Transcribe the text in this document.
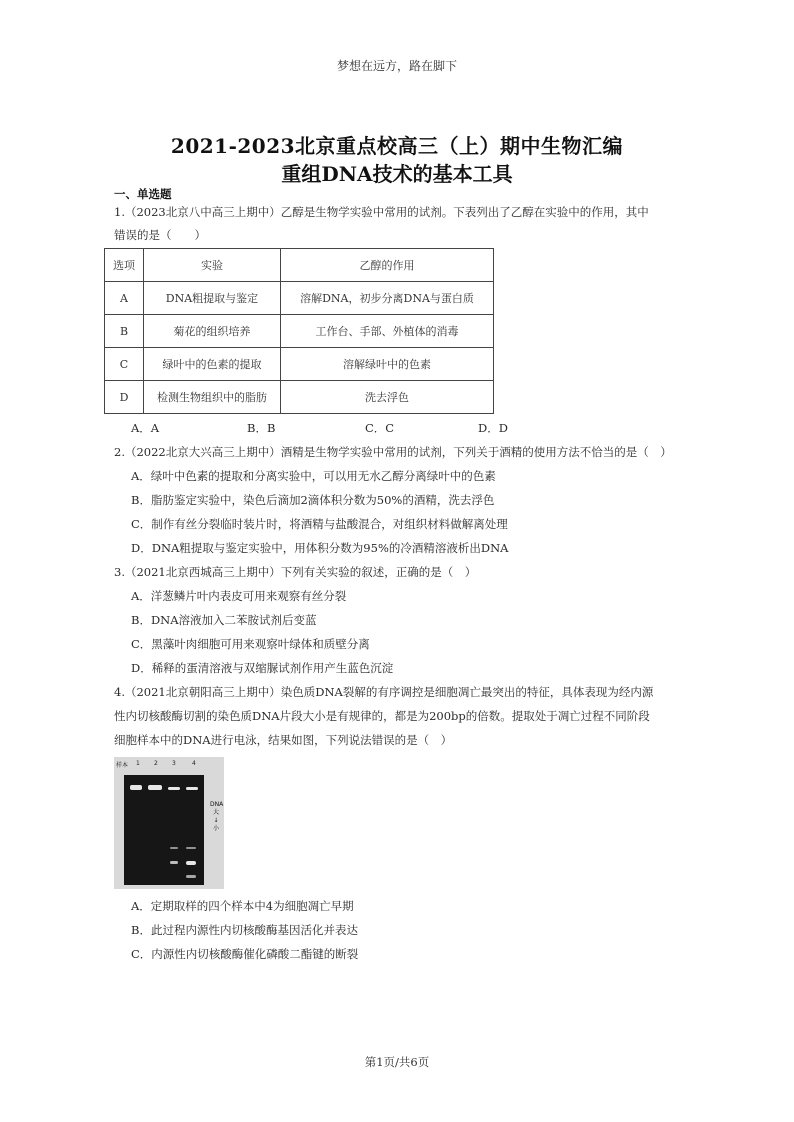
梦想在远方，路在脚下
2021-2023北京重点校高三（上）期中生物汇编
重组DNA技术的基本工具
一、单选题
1.（2023北京八中高三上期中）乙醇是生物学实验中常用的试剂。下表列出了乙醇在实验中的作用，其中
错误的是（　　）
选项	实验	乙醇的作用
A	DNA粗提取与鉴定	溶解DNA，初步分离DNA与蛋白质
B	菊花的组织培养	工作台、手部、外植体的消毒
C	绿叶中的色素的提取	溶解绿叶中的色素
D	检测生物组织中的脂肪	洗去浮色
A．A	B．B	C．C	D．D
2.（2022北京大兴高三上期中）酒精是生物学实验中常用的试剂，下列关于酒精的使用方法不恰当的是（　）
A．绿叶中色素的提取和分离实验中，可以用无水乙醇分离绿叶中的色素
B．脂肪鉴定实验中，染色后滴加2滴体积分数为50%的酒精，洗去浮色
C．制作有丝分裂临时装片时，将酒精与盐酸混合，对组织材料做解离处理
D．DNA粗提取与鉴定实验中，用体积分数为95%的冷酒精溶液析出DNA
3.（2021北京西城高三上期中）下列有关实验的叙述，正确的是（　）
A．洋葱鳞片叶内表皮可用来观察有丝分裂
B．DNA溶液加入二苯胺试剂后变蓝
C．黑藻叶肉细胞可用来观察叶绿体和质壁分离
D．稀释的蛋清溶液与双缩脲试剂作用产生蓝色沉淀
4.（2021北京朝阳高三上期中）染色质DNA裂解的有序调控是细胞凋亡最突出的特征，具体表现为经内源
性内切核酸酶切割的染色质DNA片段大小是有规律的，都是为200bp的倍数。提取处于凋亡过程不同阶段
细胞样本中的DNA进行电泳，结果如图，下列说法错误的是（　）
样本 1 2 3	4
DNA
大
↓
小
A．定期取样的四个样本中4为细胞凋亡早期
B．此过程内源性内切核酸酶基因活化并表达
C．内源性内切核酸酶催化磷酸二酯键的断裂
第1页/共6页
